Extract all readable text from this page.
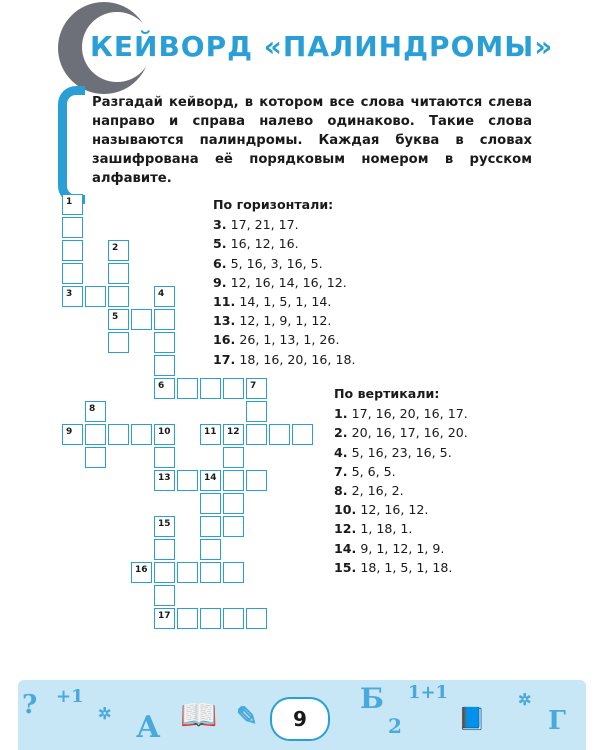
КЕЙВОРД «ПАЛИНДРОМЫ»

Разгадай кейворд, в котором все слова читаются слева направо и справа налево одинаково. Такие слова называются палиндромы. Каждая буква в словах зашифрована её порядковым номером в русском алфавите.

1
2
3	4
5
6	7
8
9	10	11 12
13	14
15
16
17
По горизонтали:
3. 17, 21, 17.
5. 16, 12, 16.
6. 5, 16, 3, 16, 5.
9. 12, 16, 14, 16, 12.
11. 14, 1, 5, 1, 14.
13. 12, 1, 9, 1, 12.
16. 26, 1, 13, 1, 26.
17. 18, 16, 20, 16, 18.
По вертикали:
1. 17, 16, 20, 16, 17.
2. 20, 16, 17, 16, 20.
4. 5, 16, 23, 16, 5.
7. 5, 6, 5.
8. 2, 16, 2.
10. 12, 16, 12.
12. 1, 18, 1.
14. 9, 1, 12, 1, 9.
15. 18, 1, 5, 1, 18.
? +1
✲ А 📖 ✎
Б 1+1
2	📘
✲
Г
9
